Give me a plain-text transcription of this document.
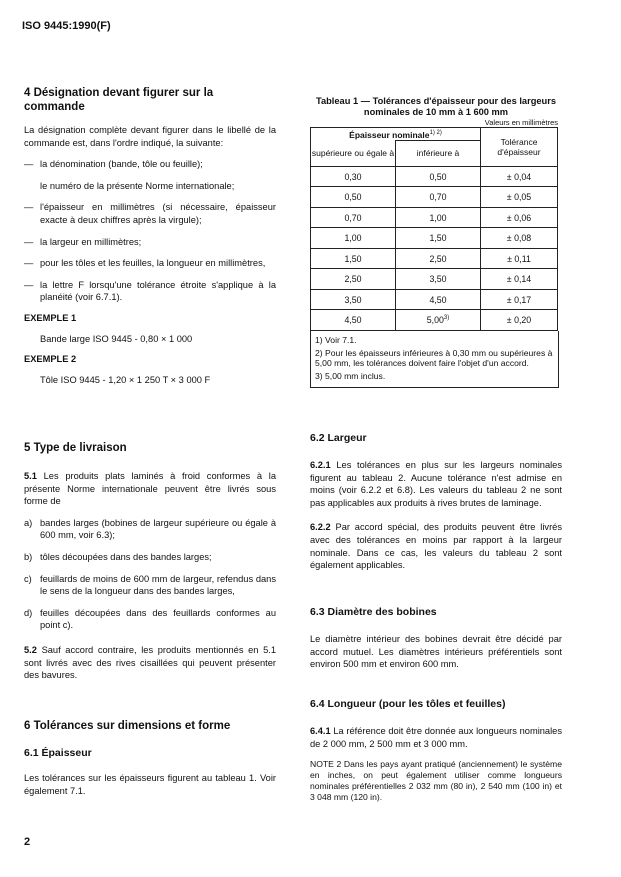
ISO 9445:1990(F)
4 Désignation devant figurer sur la commande

La désignation complète devant figurer dans le libellé de la commande est, dans l'ordre indiqué, la suivante:

— la dénomination (bande, tôle ou feuille);
le numéro de la présente Norme internationale;
— l'épaisseur en millimètres (si nécessaire, épaisseur exacte à deux chiffres après la virgule);
— la largeur en millimètres;
— pour les tôles et les feuilles, la longueur en millimètres,
— la lettre F lorsqu'une tolérance étroite s'applique à la planéité (voir 6.7.1).
EXEMPLE 1
Bande large ISO 9445 - 0,80 × 1 000
EXEMPLE 2
Tôle ISO 9445 - 1,20 × 1 250 T × 3 000 F
5 Type de livraison

5.1 Les produits plats laminés à froid conformes à la présente Norme internationale peuvent être livrés sous forme de

a) bandes larges (bobines de largeur supérieure ou égale à 600 mm, voir 6.3);
b) tôles découpées dans des bandes larges;
c) feuillards de moins de 600 mm de largeur, refendus dans le sens de la longueur dans des bandes larges,
d) feuilles découpées dans des feuillards conformes au point c).

5.2 Sauf accord contraire, les produits mentionnés en 5.1 sont livrés avec des rives cisaillées qui peuvent présenter des bavures.

6 Tolérances sur dimensions et forme
6.1 Épaisseur

Les tolérances sur les épaisseurs figurent au tableau 1. Voir également 7.1.

Tableau 1 — Tolérances d'épaisseur pour des largeurs nominales de 10 mm à 1 600 mm
Valeurs en millimètres
Épaisseur nominale$^{1) 2)}$		Tolérance d'épaisseur
supérieure ou égale à	inférieure à	
0,30	0,50	± 0,04
0,50	0,70	± 0,05
0,70	1,00	± 0,06
1,00	1,50	± 0,08
1,50	2,50	± 0,11
2,50	3,50	± 0,14
3,50	4,50	± 0,17
4,50	$5,00^{3)}$	± 0,20
1) Voir 7.1.
2) Pour les épaisseurs inférieures à 0,30 mm ou supérieures à 5,00 mm, les tolérances doivent faire l'objet d'un accord.
3) 5,00 mm inclus.
6.2 Largeur

6.2.1 Les tolérances en plus sur les largeurs nominales figurent au tableau 2. Aucune tolérance n'est admise en moins (voir 6.2.2 et 6.8). Les valeurs du tableau 2 ne sont pas applicables aux produits à rives brutes de laminage.

6.2.2 Par accord spécial, des produits peuvent être livrés avec des tolérances en moins par rapport à la largeur nominale. Dans ce cas, les valeurs du tableau 2 sont également applicables.

6.3 Diamètre des bobines

Le diamètre intérieur des bobines devrait être décidé par accord mutuel. Les diamètres intérieurs préférentiels sont environ 500 mm et environ 600 mm.

6.4 Longueur (pour les tôles et feuilles)

6.4.1 La référence doit être donnée aux longueurs nominales de 2 000 mm, 2 500 mm et 3 000 mm.

NOTE 2 Dans les pays ayant pratiqué (anciennement) le système en inches, on peut également utiliser comme longueurs nominales préférentielles 2 032 mm (80 in), 2 540 mm (100 in) et 3 048 mm (120 in).

2
